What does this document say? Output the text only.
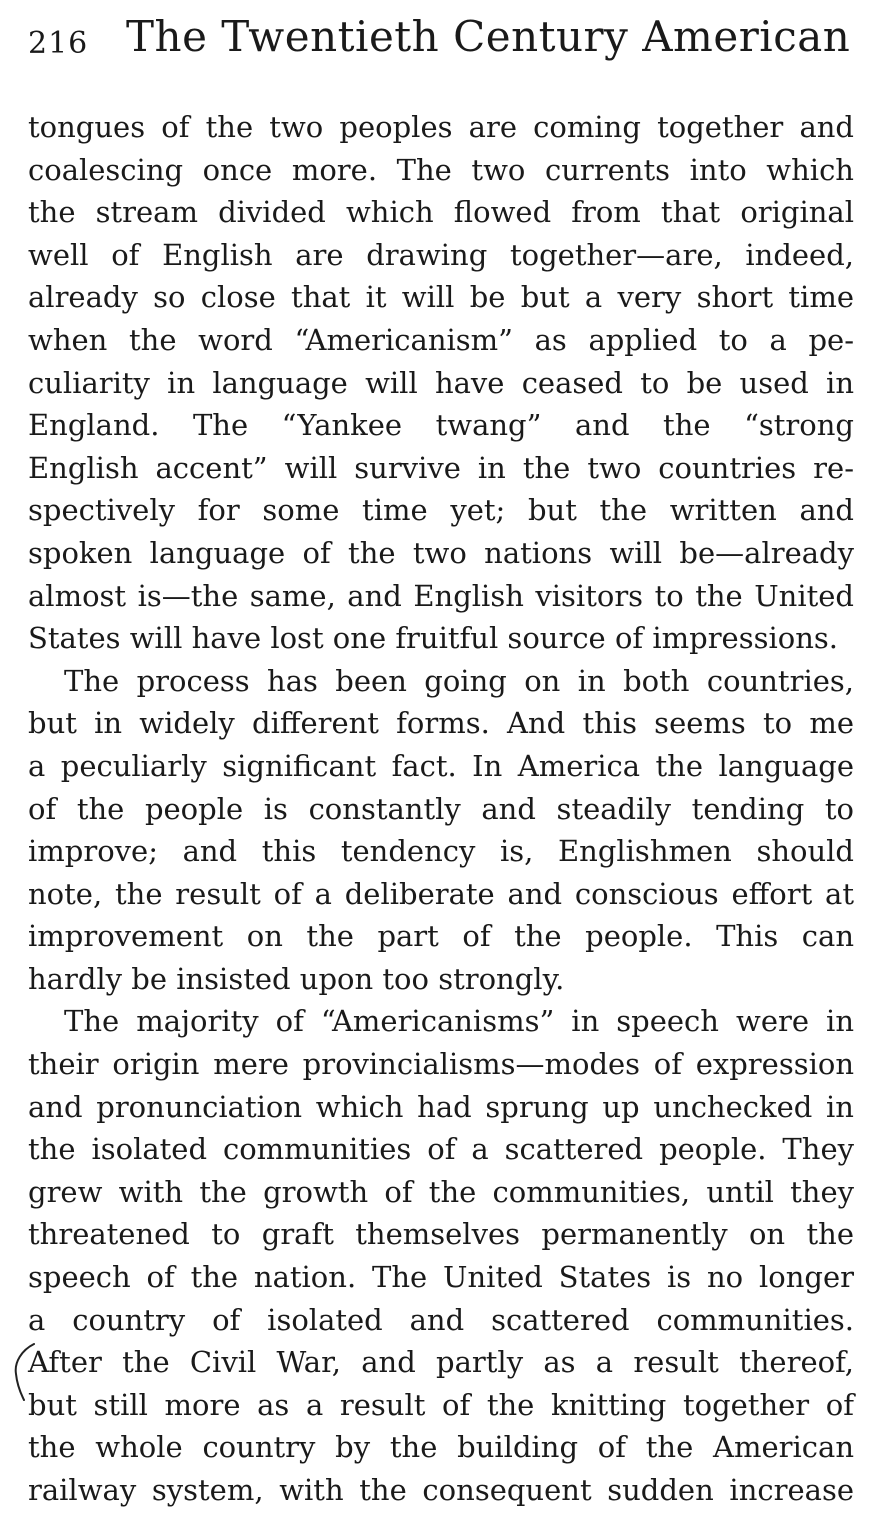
216 The Twentieth Century American
tongues of the two peoples are coming together and
coalescing once more. The two currents into which
the stream divided which flowed from that original
well of English are drawing together—are, indeed,
already so close that it will be but a very short time
when the word “Americanism” as applied to a pe-
culiarity in language will have ceased to be used in
England. The “Yankee twang” and the “strong
English accent” will survive in the two countries re-
spectively for some time yet; but the written and
spoken language of the two nations will be—already
almost is—the same, and English visitors to the United
States will have lost one fruitful source of impressions.
The process has been going on in both countries,
but in widely different forms. And this seems to me
a peculiarly significant fact. In America the language
of the people is constantly and steadily tending to
improve; and this tendency is, Englishmen should
note, the result of a deliberate and conscious effort at
improvement on the part of the people. This can
hardly be insisted upon too strongly.
The majority of “Americanisms” in speech were in
their origin mere provincialisms—modes of expression
and pronunciation which had sprung up unchecked in
the isolated communities of a scattered people. They
grew with the growth of the communities, until they
threatened to graft themselves permanently on the
speech of the nation. The United States is no longer
a country of isolated and scattered communities.
After the Civil War, and partly as a result thereof,
but still more as a result of the knitting together of
the whole country by the building of the American
railway system, with the consequent sudden increase
